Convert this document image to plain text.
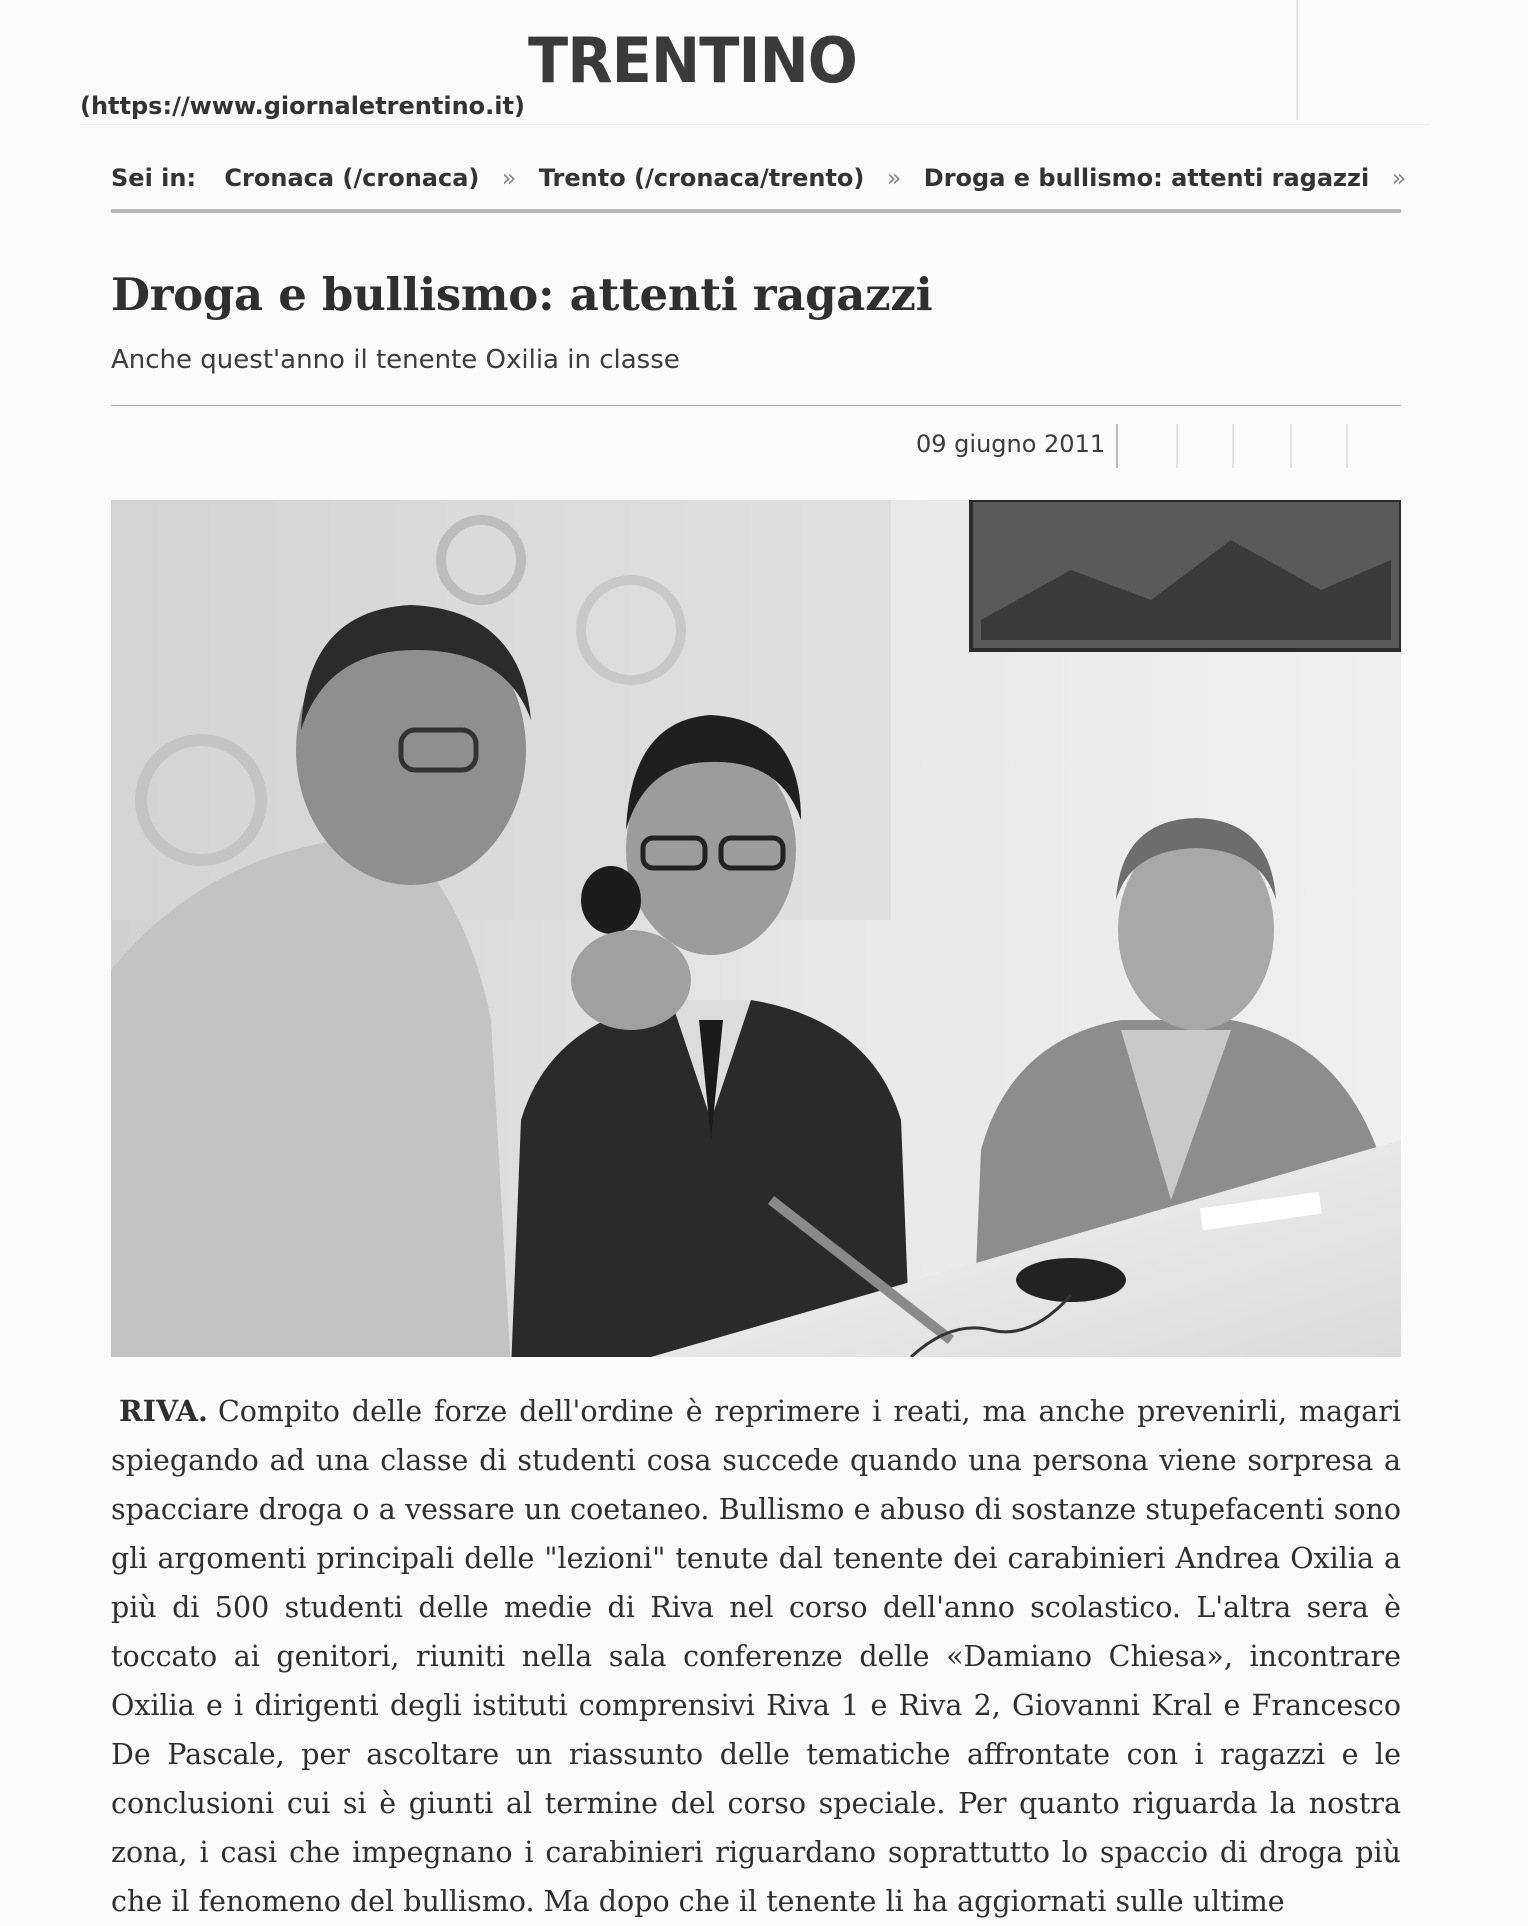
TRENTINO
(https://www.giornaletrentino.it)
Sei in: Cronaca (/cronaca) » Trento (/cronaca/trento) » Droga e bullismo: attenti ragazzi »
Droga e bullismo: attenti ragazzi
Anche quest'anno il tenente Oxilia in classe
09 giugno 2011
RIVA. Compito delle forze dell'ordine è reprimere i reati, ma anche prevenirli, magari spiegando ad una classe di studenti cosa succede quando una persona viene sorpresa a spacciare droga o a vessare un coetaneo. Bullismo e abuso di sostanze stupefacenti sono gli argomenti principali delle "lezioni" tenute dal tenente dei carabinieri Andrea Oxilia a più di 500 studenti delle medie di Riva nel corso dell'anno scolastico. L'altra sera è toccato ai genitori, riuniti nella sala conferenze delle «Damiano Chiesa», incontrare Oxilia e i dirigenti degli istituti comprensivi Riva 1 e Riva 2, Giovanni Kral e Francesco De Pascale, per ascoltare un riassunto delle tematiche affrontate con i ragazzi e le conclusioni cui si è giunti al termine del corso speciale. Per quanto riguarda la nostra zona, i casi che impegnano i carabinieri riguardano soprattutto lo spaccio di droga più che il fenomeno del bullismo. Ma dopo che il tenente li ha aggiornati sulle ultime
